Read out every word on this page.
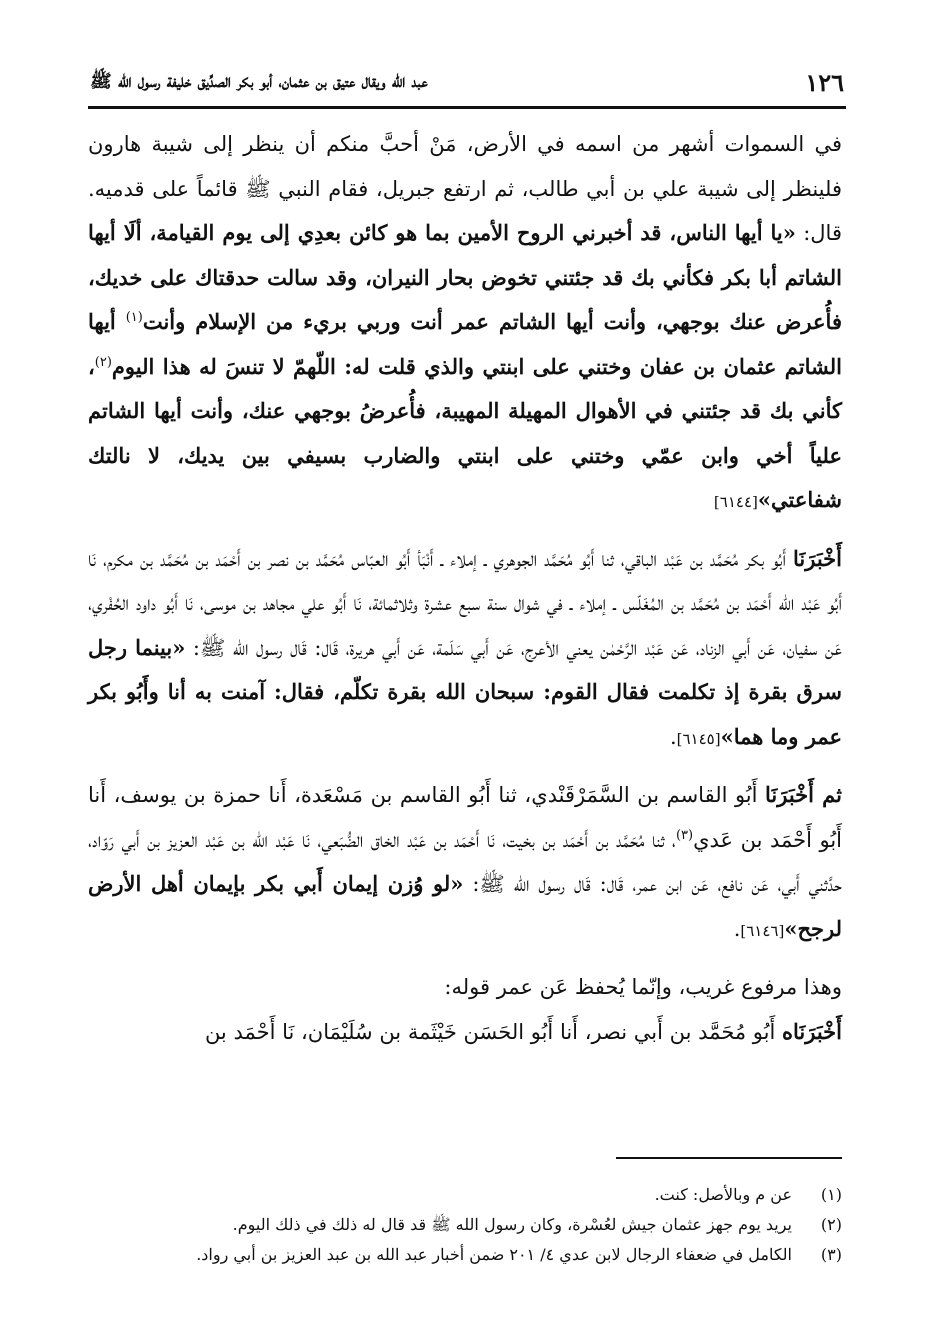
١٢٦
عبد اللّه ويقال عتيق بن عثمان، أبو بكر الصدِّيق خليفة رسول الله ﷺ

في السموات أشهر من اسمه في الأرض، مَنْ أحبَّ منكم أن ينظر إلى شيبة هارون فلينظر إلى شيبة علي بن أبي طالب، ثم ارتفع جبريل، فقام النبي ﷺ قائماً على قدميه. قال: «يا أيها الناس، قد أخبرني الروح الأمين بما هو كائن بعدِي إلى يوم القيامة، ألَا أيها الشاتم أبا بكر فكأني بك قد جئتني تخوض بحار النيران، وقد سالت حدقتاك على خديك، فأُعرض عنك بوجهي، وأنت أيها الشاتم عمر أنت وربي بريء من الإسلام وأنت$^{(١)}$ أيها الشاتم عثمان بن عفان وختني على ابنتي والذي قلت له: اللّهمّ لا تنسَ له هذا اليوم$^{(٢)}$، كأني بك قد جئتني في الأهوال المهيلة المهيبة، فأُعرضُ بوجهي عنك، وأنت أيها الشاتم علياً أخي وابن عمّي وختني على ابنتي والضارب بسيفي بين يديك، لا نالتك شفاعتي»[٦١٤٤]

أَخْبَرَنَا أَبُو بكر مُحَمَّد بن عَبْد الباقي، ثنا أَبُو مُحَمَّد الجوهري ـ إملاء ـ أَنْبَأ أَبُو العبّاس مُحَمَّد بن نصر بن أَحْمَد بن مُحَمَّد بن مكرم، نَا أَبُو عَبْد الله أَحْمَد بن مُحَمَّد بن المُغَلّس ـ إملاء ـ في شوال سنة سبع عشرة وثلاثمائة، نَا أَبُو علي مجاهد بن موسى، نَا أَبُو داود الحُفْري، عَن سفيان، عَن أَبي الزناد، عَن عَبْد الرَّحْمٰن يعني الأعرج، عَن أَبي سَلَمة، عَن أَبي هريرة، قَال: قَال رسول الله ﷺ: «بينما رجل سرق بقرة إذ تكلمت فقال القوم: سبحان الله بقرة تكلّم، فقال: آمنت به أنا وأَبُو بكر عمر وما هما»[٦١٤٥].

ثم أَخْبَرَنَا أَبُو القاسم بن السَّمَرْقَنْدي، ثنا أَبُو القاسم بن مَسْعَدة، أَنا حمزة بن يوسف، أَنا أَبُو أَحْمَد بن عَدي$^{(٣)}$، ثنا مُحَمَّد بن أَحْمَد بن بخيت، نَا أَحْمَد بن عَبْد الخاق الضُّبَعي، نَا عَبْد الله بن عَبْد العزيز بن أَبي رَوّاد، حدَّثني أَبي، عَن نافع، عَن ابن عمر، قَال: قَال رسول الله ﷺ: «لو وُزن إيمان أَبي بكر بإيمان أهل الأرض لرجح»[٦١٤٦].

وهذا مرفوع غريب، وإنّما يُحفظ عَن عمر قوله:
أَخْبَرَنَاه أَبُو مُحَمَّد بن أَبي نصر، أَنا أَبُو الحَسَن خَيْثَمة بن سُلَيْمَان، نَا أَحْمَد بن

(١)
عن م وبالأصل: كنت.
(٢)
يريد يوم جهز عثمان جيش لعُسْرة، وكان رسول الله ﷺ قد قال له ذلك في ذلك اليوم.
(٣)
الكامل في ضعفاء الرجال لابن عدي ٤/ ٢٠١ ضمن أخبار عبد الله بن عبد العزيز بن أبي رواد.
